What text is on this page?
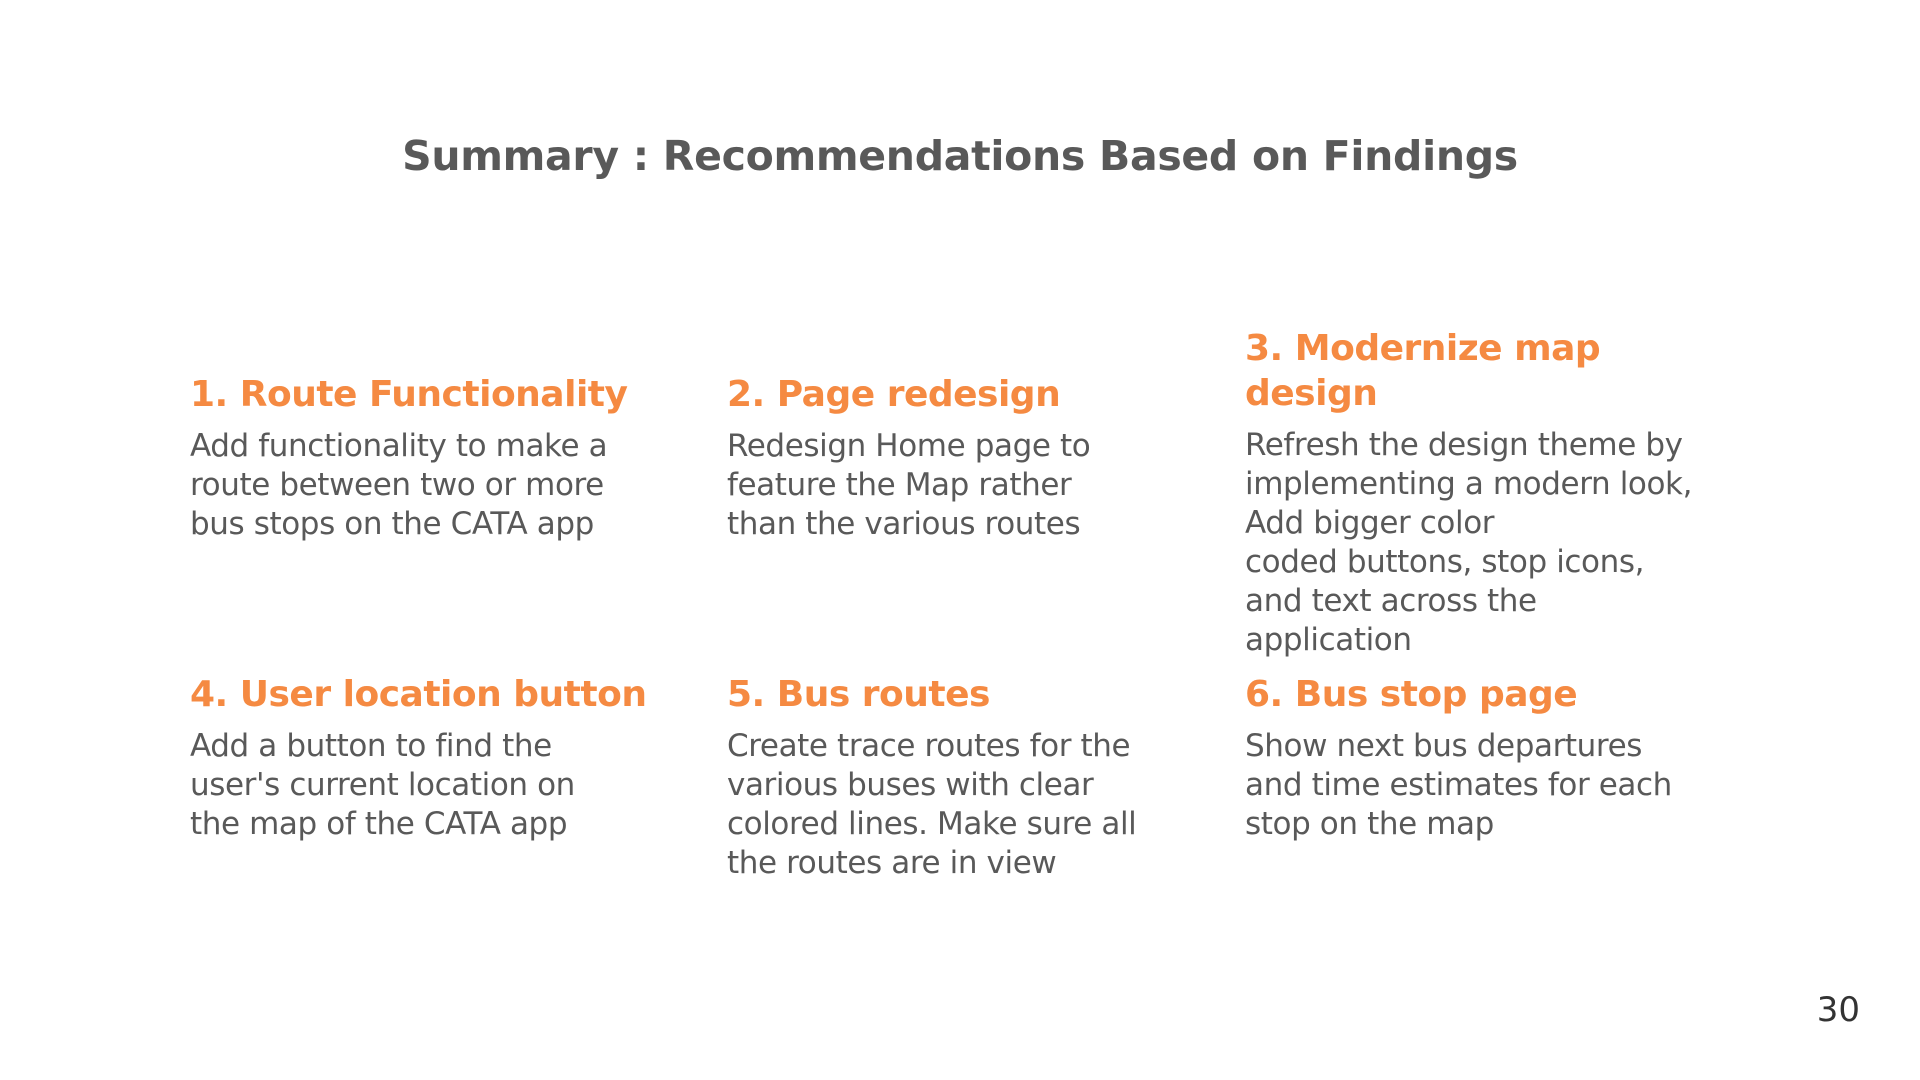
Summary : Recommendations Based on Findings
1. Route Functionality
Add functionality to make a
route between two or more
bus stops on the CATA app
2. Page redesign
Redesign Home page to
feature the Map rather
than the various routes
3. Modernize map
design
Refresh the design theme by
implementing a modern look,
Add bigger color
coded buttons, stop icons,
and text across the
application
4. User location button
Add a button to find the
user's current location on
the map of the CATA app
5. Bus routes
Create trace routes for the
various buses with clear
colored lines. Make sure all
the routes are in view
6. Bus stop page
Show next bus departures
and time estimates for each
stop on the map
30
